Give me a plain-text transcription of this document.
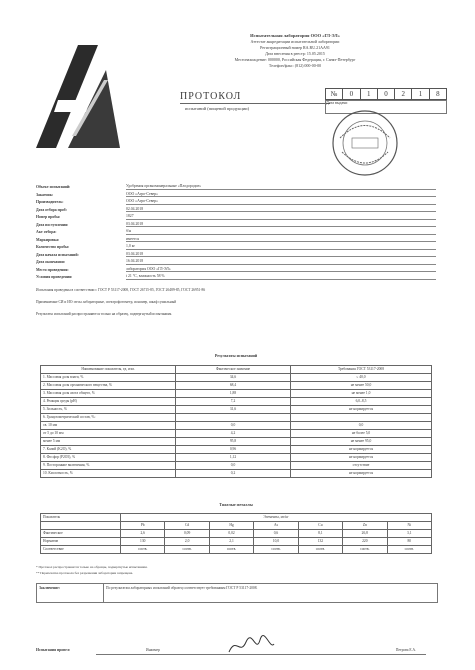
Испытательная лаборатория ООО «ГЛ-ЭЛ»
Аттестат аккредитации испытательной лаборатории
Регистрационный номер RA.RU.21АА91
Дата внесения в реестр: 15.05.2015
Местонахождение: 000000, Российская Федерация, г. Санкт-Петербург
Телефон/факс: (812) 000-00-00
ПРОТОКОЛ
испытаний (пищевой продукции)
№	0	1	0	2	1	8
Дата выдачи
Объект испытаний:	Удобрения органоминеральные «Плодородие»
Заказчик:	ООО «Агро-Север»
Производитель:	ООО «Агро-Север»
Дата отбора проб:	02.04.2018
Номер пробы:	1827
Дата поступления:	03.04.2018
Акт отбора:	б/н
Маркировка:	имеется
Количество пробы:	1,0 кг
Дата начала испытаний:	03.04.2018
Дата окончания:	16.04.2018
Место проведения:	лаборатория ООО «ГЛ-ЭЛ»
Условия проведения:	t 21 °С, влажность 58 %
Испытания проведены в соответствии с ГОСТ Р 53117-2008, ГОСТ 26715-85, ГОСТ 26489-85, ГОСТ 26951-86
Применяемые СИ и ИО: весы лабораторные, спектрофотометр, иономер, шкаф сушильный
Результаты испытаний распространяются только на образец, подвергнутый испытаниям.
Результаты испытаний
Наименование показателя, ед. изм.	Фактическое значение	Требования ГОСТ 53117-2008
1. Массовая доля влаги, %	34,6	≤ 40,0
2. Массовая доля органического вещества, %	68,4	не менее 50,0
3. Массовая доля азота общего, %	1,88	не менее 1,0
4. Реакция среды (pH)	7,2	6,0–8,5
5. Зольность, %	31,6	не нормируется
6. Гранулометрический состав, %:		
св. 10 мм	0,0	0,0
от 5 до 10 мм	4,2	не более 5,0
менее 5 мм	95,8	не менее 95,0
7. Калий (K2O), %	0,96	не нормируется
8. Фосфор (P2O5), %	1,12	не нормируется
9. Посторонние включения, %	0,0	отсутствие
10. Кислотность, %	0,2	не нормируется
Тяжелые металлы
Показатель	Элементы, мг/кг						
	Pb	Cd	Hg	As	Cu	Zn	Ni
Фактическое	2,6	0,09	0,02	0,6	8,1	26,8	3,1
Норматив	130	2,0	2,1	10,0	132	220	80
Соответствие	соотв.	соотв.	соотв.	соотв.	соотв.	соотв.	соотв.
* Протокол распространяется только на образцы, подвергнутые испытаниям.
** Перепечатка протокола без разрешения лаборатории запрещена.
Заключение:	По результатам лабораторных испытаний образец соответствует требованиям ГОСТ Р 53117-2008.
Испытания провел:	Инженер	Петрова Е.А.
